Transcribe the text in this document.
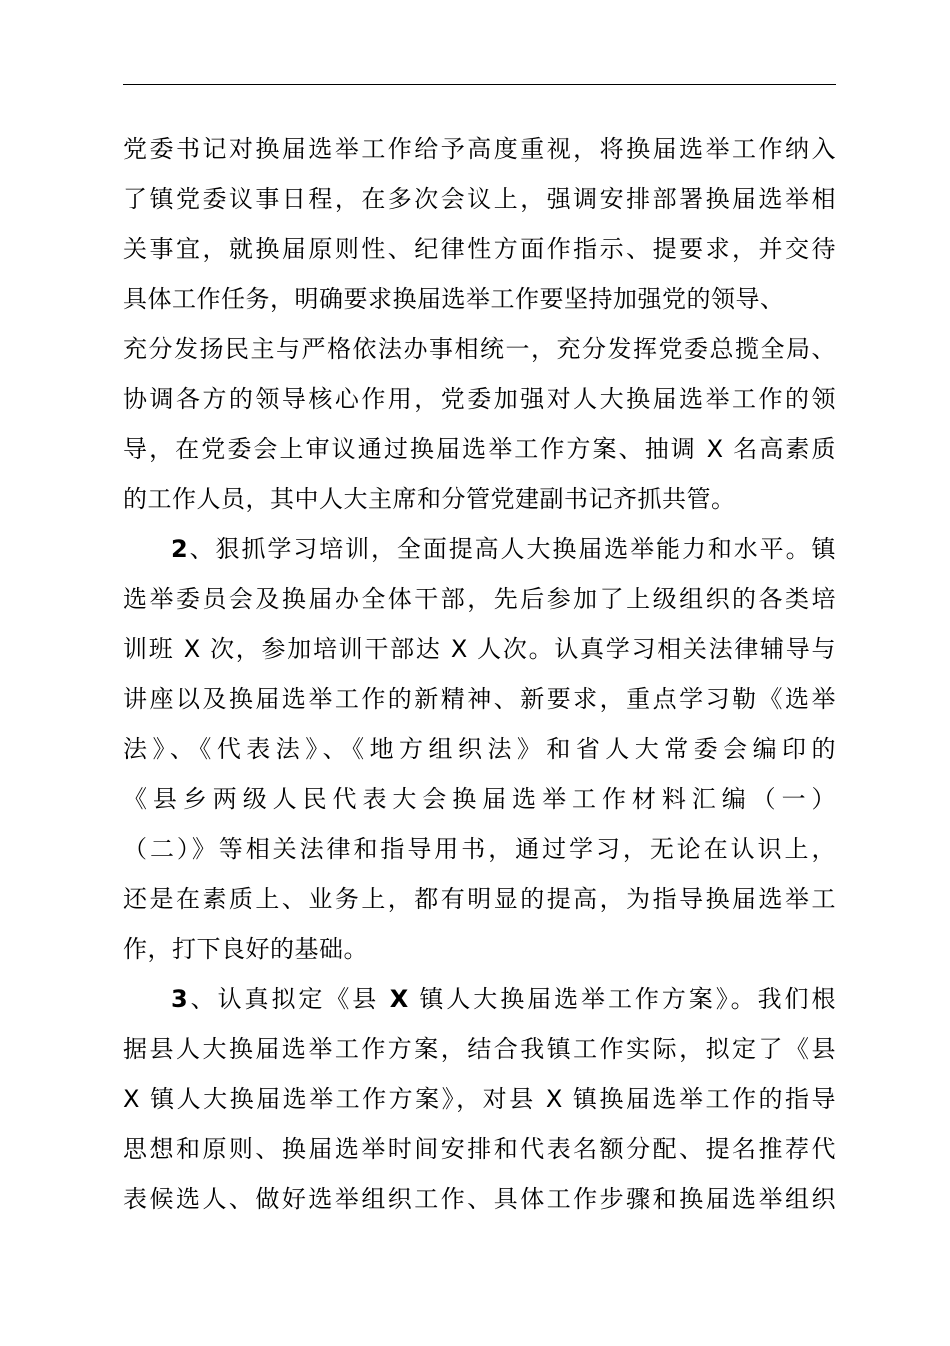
党委书记对换届选举工作给予高度重视，将换届选举工作纳入
了镇党委议事日程，在多次会议上，强调安排部署换届选举相
关事宜，就换届原则性、纪律性方面作指示、提要求，并交待
具体工作任务，明确要求换届选举工作要坚持加强党的领导、
充分发扬民主与严格依法办事相统一，充分发挥党委总揽全局、
协调各方的领导核心作用，党委加强对人大换届选举工作的领
导，在党委会上审议通过换届选举工作方案、抽调 X 名高素质
的工作人员，其中人大主席和分管党建副书记齐抓共管。
2、狠抓学习培训，全面提高人大换届选举能力和水平。镇
选举委员会及换届办全体干部，先后参加了上级组织的各类培
训班 X 次，参加培训干部达 X 人次。认真学习相关法律辅导与
讲座以及换届选举工作的新精神、新要求，重点学习勒《选举
法》、《代表法》、《地方组织法》和省人大常委会编印的
《县乡两级人民代表大会换届选举工作材料汇编（一）
（二）》等相关法律和指导用书，通过学习，无论在认识上，
还是在素质上、业务上，都有明显的提高，为指导换届选举工
作，打下良好的基础。
3、认真拟定《县 X 镇人大换届选举工作方案》。我们根
据县人大换届选举工作方案，结合我镇工作实际，拟定了《县
X 镇人大换届选举工作方案》，对县 X 镇换届选举工作的指导
思想和原则、换届选举时间安排和代表名额分配、提名推荐代
表候选人、做好选举组织工作、具体工作步骤和换届选举组织
